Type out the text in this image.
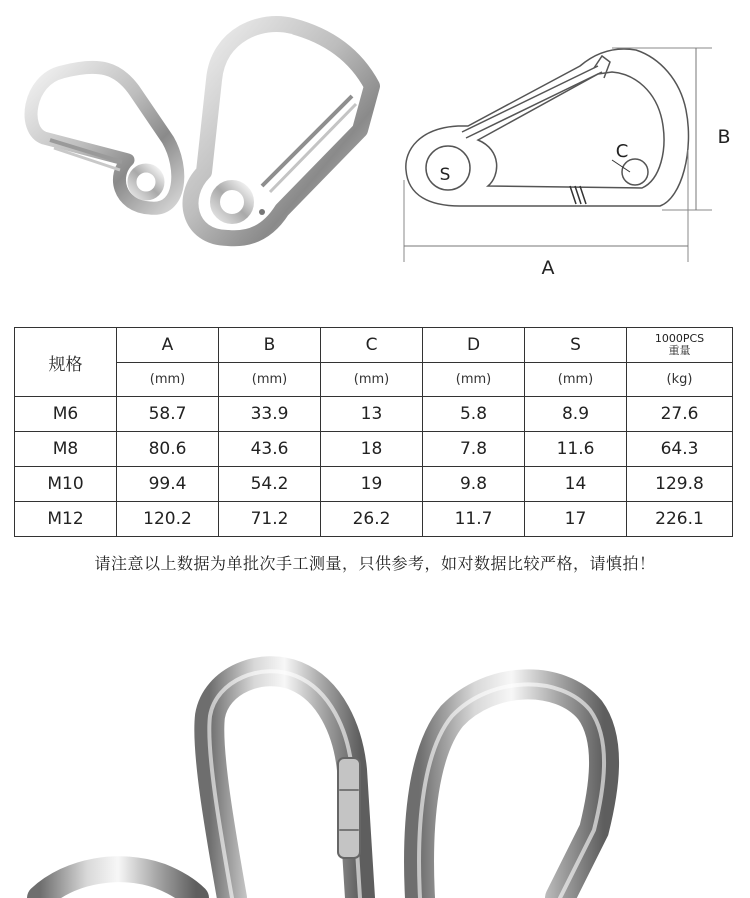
A
B
C
S
规格	A	B	C	D	S	1000PCS
重量

	(mm)	(mm)	(mm)	(mm)	(mm)	(kg)
M6	58.7	33.9	13	5.8	8.9	27.6
M8	80.6	43.6	18	7.8	11.6	64.3
M10	99.4	54.2	19	9.8	14	129.8
M12	120.2	71.2	26.2	11.7	17	226.1
请注意以上数据为单批次手工测量，只供参考，如对数据比较严格，请慎拍！
